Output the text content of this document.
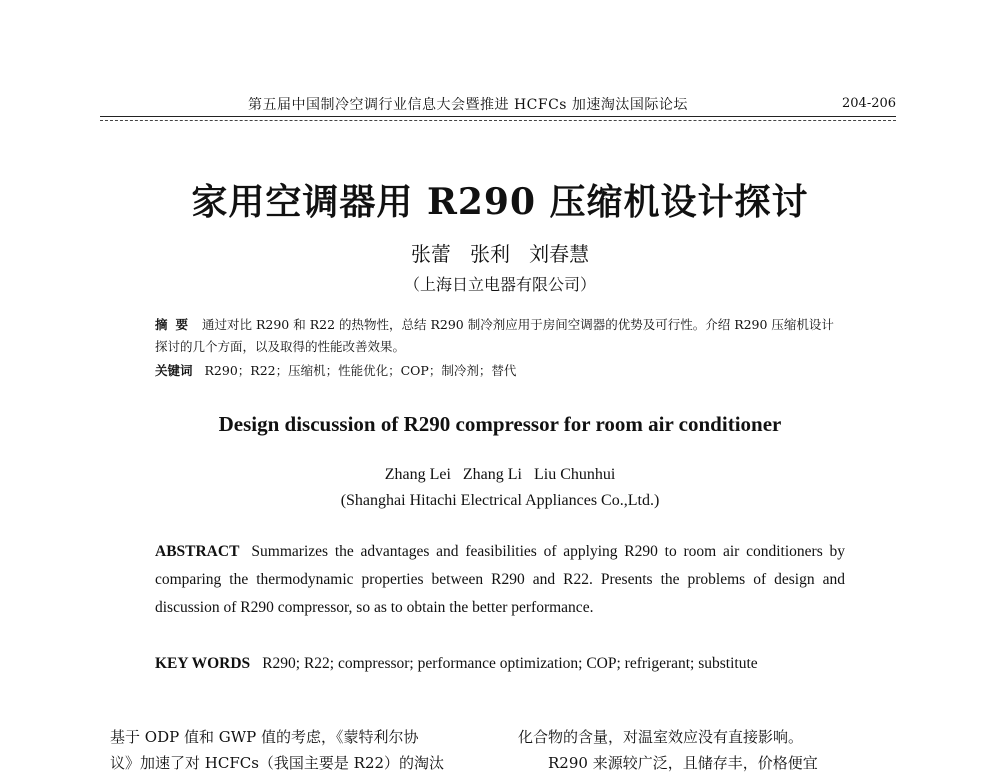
第五届中国制冷空调行业信息大会暨推进 HCFCs 加速淘汰国际论坛	204-206
家用空调器用 R290 压缩机设计探讨
张蕾   张利   刘春慧
（上海日立电器有限公司）
摘要 通过对比 R290 和 R22 的热物性，总结 R290 制冷剂应用于房间空调器的优势及可行性。介绍 R290 压缩机设计探讨的几个方面，以及取得的性能改善效果。
关键词 R290；R22；压缩机；性能优化；COP；制冷剂；替代
Design discussion of R290 compressor for room air conditioner
Zhang Lei   Zhang Li   Liu Chunhui
(Shanghai Hitachi Electrical Appliances Co.,Ltd.)
ABSTRACT Summarizes the advantages and feasibilities of applying R290 to room air conditioners by comparing the thermodynamic properties between R290 and R22. Presents the problems of design and discussion of R290 compressor, so as to obtain the better performance.
KEY WORDS R290; R22; compressor; performance optimization; COP; refrigerant; substitute
基于 ODP 值和 GWP 值的考虑，《蒙特利尔协	化合物的含量，对温室效应没有直接影响。
议》加速了对 HCFCs（我国主要是 R22）的淘汰	R290 来源较广泛，且储存丰，价格便宜
